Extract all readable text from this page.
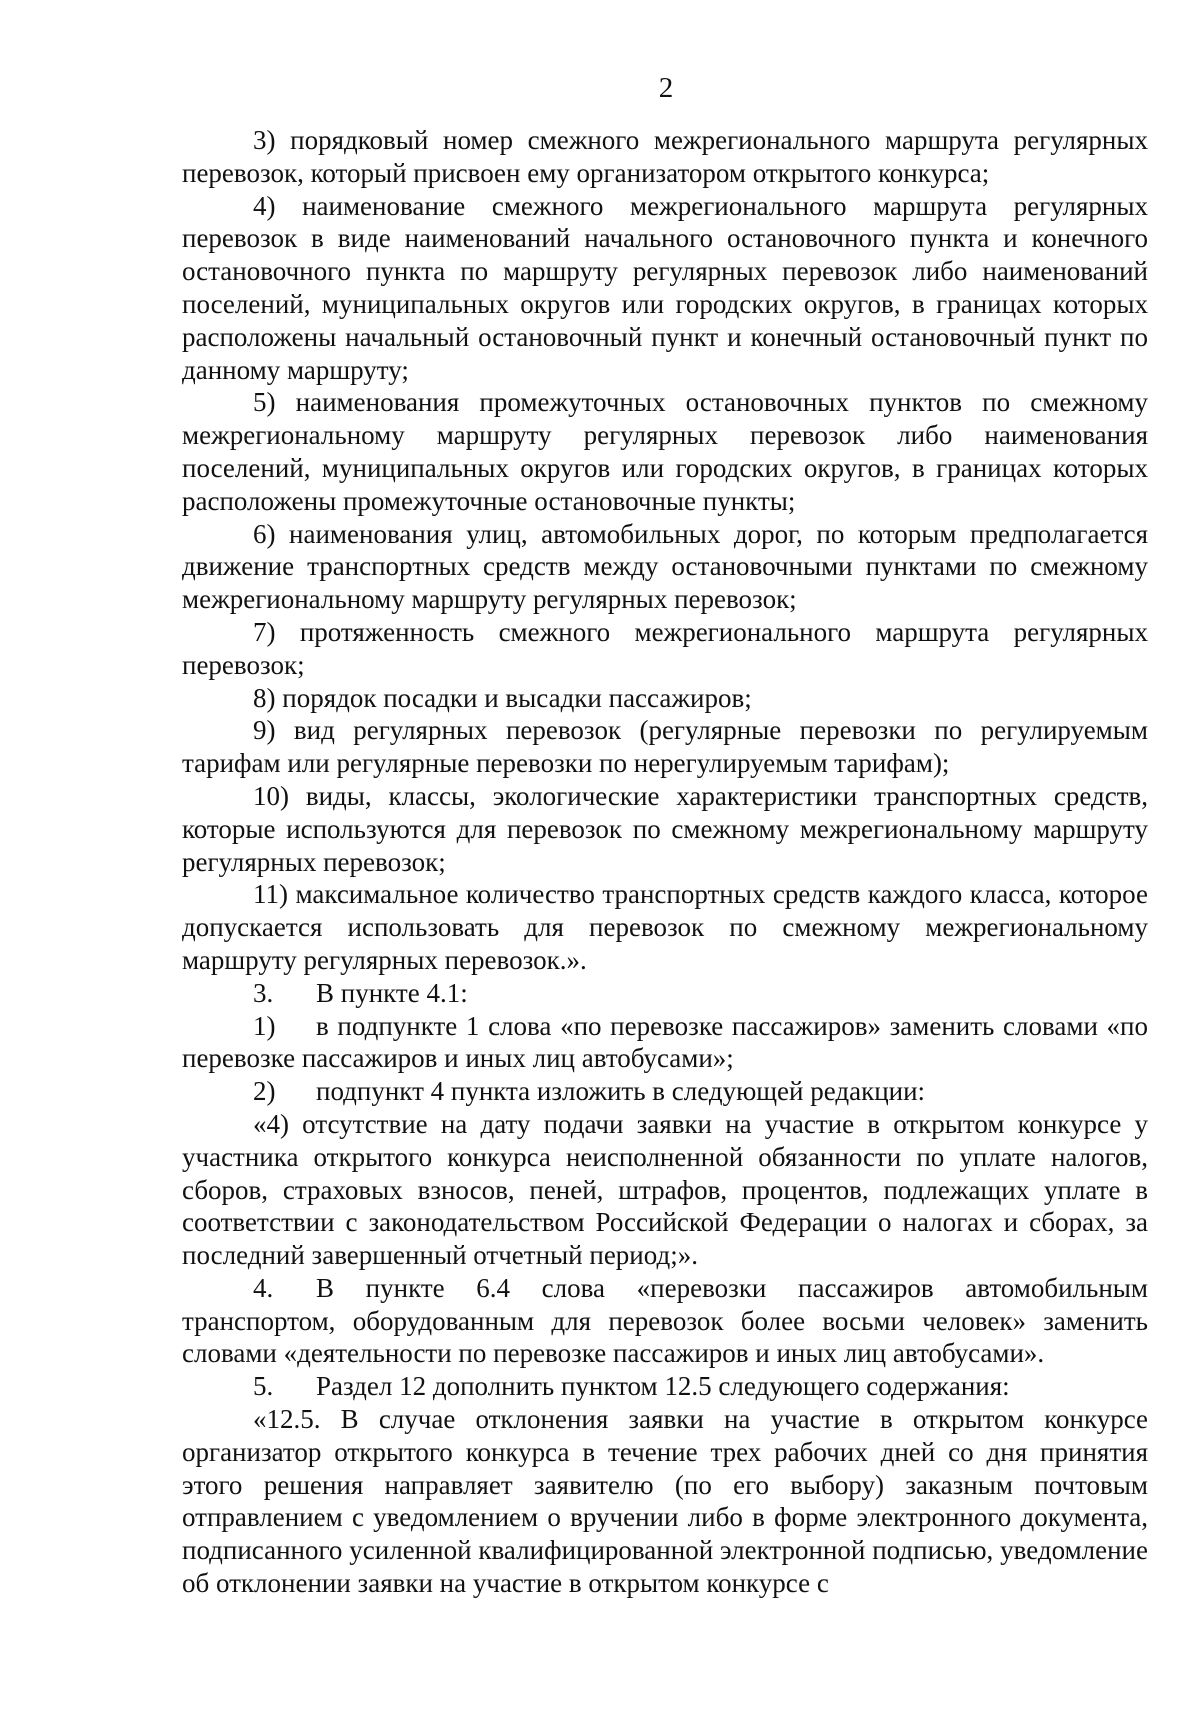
2

3) порядковый номер смежного межрегионального маршрута регулярных перевозок, который присвоен ему организатором открытого конкурса;

4) наименование смежного межрегионального маршрута регулярных перевозок в виде наименований начального остановочного пункта и конечного остановочного пункта по маршруту регулярных перевозок либо наименований поселений, муниципальных округов или городских округов, в границах которых расположены начальный остановочный пункт и конечный остановочный пункт по данному маршруту;

5) наименования промежуточных остановочных пунктов по смежному межрегиональному маршруту регулярных перевозок либо наименования поселений, муниципальных округов или городских округов, в границах которых расположены промежуточные остановочные пункты;

6) наименования улиц, автомобильных дорог, по которым предполагается движение транспортных средств между остановочными пунктами по смежному межрегиональному маршруту регулярных перевозок;

7) протяженность смежного межрегионального маршрута регулярных перевозок;

8) порядок посадки и высадки пассажиров;

9) вид регулярных перевозок (регулярные перевозки по регулируемым тарифам или регулярные перевозки по нерегулируемым тарифам);

10) виды, классы, экологические характеристики транспортных средств, которые используются для перевозок по смежному межрегиональному маршруту регулярных перевозок;

11) максимальное количество транспортных средств каждого класса, которое допускается использовать для перевозок по смежному межрегиональному маршруту регулярных перевозок.».

3. В пункте 4.1:

1) в подпункте 1 слова «по перевозке пассажиров» заменить словами «по перевозке пассажиров и иных лиц автобусами»;

2) подпункт 4 пункта изложить в следующей редакции:

«4) отсутствие на дату подачи заявки на участие в открытом конкурсе у участника открытого конкурса неисполненной обязанности по уплате налогов, сборов, страховых взносов, пеней, штрафов, процентов, подлежащих уплате в соответствии с законодательством Российской Федерации о налогах и сборах, за последний завершенный отчетный период;».

4. В пункте 6.4 слова «перевозки пассажиров автомобильным транспортом, оборудованным для перевозок более восьми человек» заменить словами «деятельности по перевозке пассажиров и иных лиц автобусами».

5. Раздел 12 дополнить пунктом 12.5 следующего содержания:

«12.5. В случае отклонения заявки на участие в открытом конкурсе организатор открытого конкурса в течение трех рабочих дней со дня принятия этого решения направляет заявителю (по его выбору) заказным почтовым отправлением с уведомлением о вручении либо в форме электронного документа, подписанного усиленной квалифицированной электронной подписью, уведомление об отклонении заявки на участие в открытом конкурсе с
